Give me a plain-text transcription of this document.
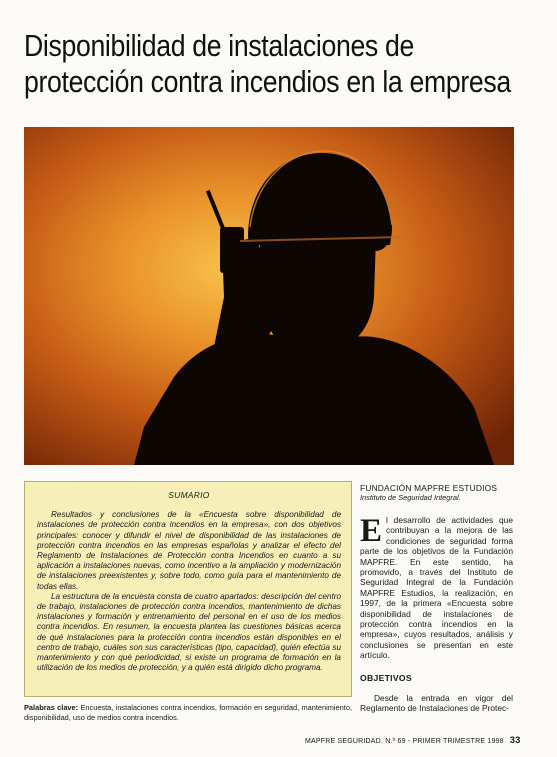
Disponibilidad de instalaciones de
protección contra incendios en la empresa
SUMARIO

Resultados y conclusiones de la «Encuesta sobre disponibilidad de instalaciones de protección contra incendios en la empresa», con dos objetivos principales: conocer y difundir el nivel de disponibilidad de las instalaciones de protección contra incendios en las empresas españolas y analizar el efecto del Reglamento de Instalaciones de Protección contra Incendios en cuanto a su aplicación a instalaciones nuevas, como incentivo a la ampliación y modernización de instalaciones preexistentes y, sobre todo, como guía para el mantenimiento de todas ellas.

La estructura de la encuesta consta de cuatro apartados: descripción del centro de trabajo, instalaciones de protección contra incendios, mantenimiento de dichas instalaciones y formación y entrenamiento del personal en el uso de los medios contra incendios. En resumen, la encuesta plantea las cuestiones básicas acerca de qué instalaciones para la protección contra incendios están disponibles en el centro de trabajo, cuáles son sus características (tipo, capacidad), quién efectúa su mantenimiento y con qué periodicidad, si existe un programa de formación en la utilización de los medios de protección, y a quién está dirigido dicho programa.

Palabras clave: Encuesta, instalaciones contra incendios, formación en seguridad, mantenimiento, disponibilidad, uso de medios contra incendios.
FUNDACIÓN MAPFRE ESTUDIOS
Instituto de Seguridad Integral.
El desarrollo de actividades que contribuyan a la mejora de las condiciones de seguridad forma parte de los objetivos de la Fundación MAPFRE. En este sentido, ha promovido, a través del Instituto de Seguridad Integral de la Fundación MAPFRE Estudios, la realización, en 1997, de la primera «Encuesta sobre disponibilidad de instalaciones de protección contra incendios en la empresa», cuyos resultados, análisis y conclusiones se presentan en este artículo.
OBJETIVOS
Desde la entrada en vigor del Reglamento de Instalaciones de Protec-
MAPFRE SEGURIDAD. N.º 69 - PRIMER TRIMESTRE 1998 33
